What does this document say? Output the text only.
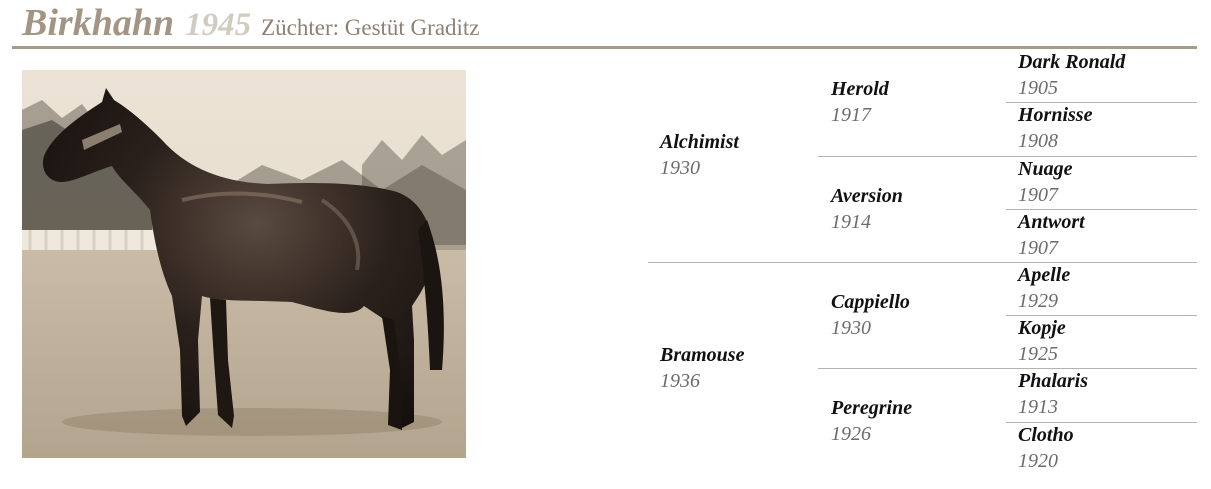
Birkhahn 1945 Züchter: Gestüt Graditz
Alchimist
1930
Bramouse
1936
Herold
1917
Aversion
1914
Cappiello
1930
Peregrine
1926
Dark Ronald
1905
Hornisse
1908
Nuage
1907
Antwort
1907
Apelle
1929
Kopje
1925
Phalaris
1913
Clotho
1920
